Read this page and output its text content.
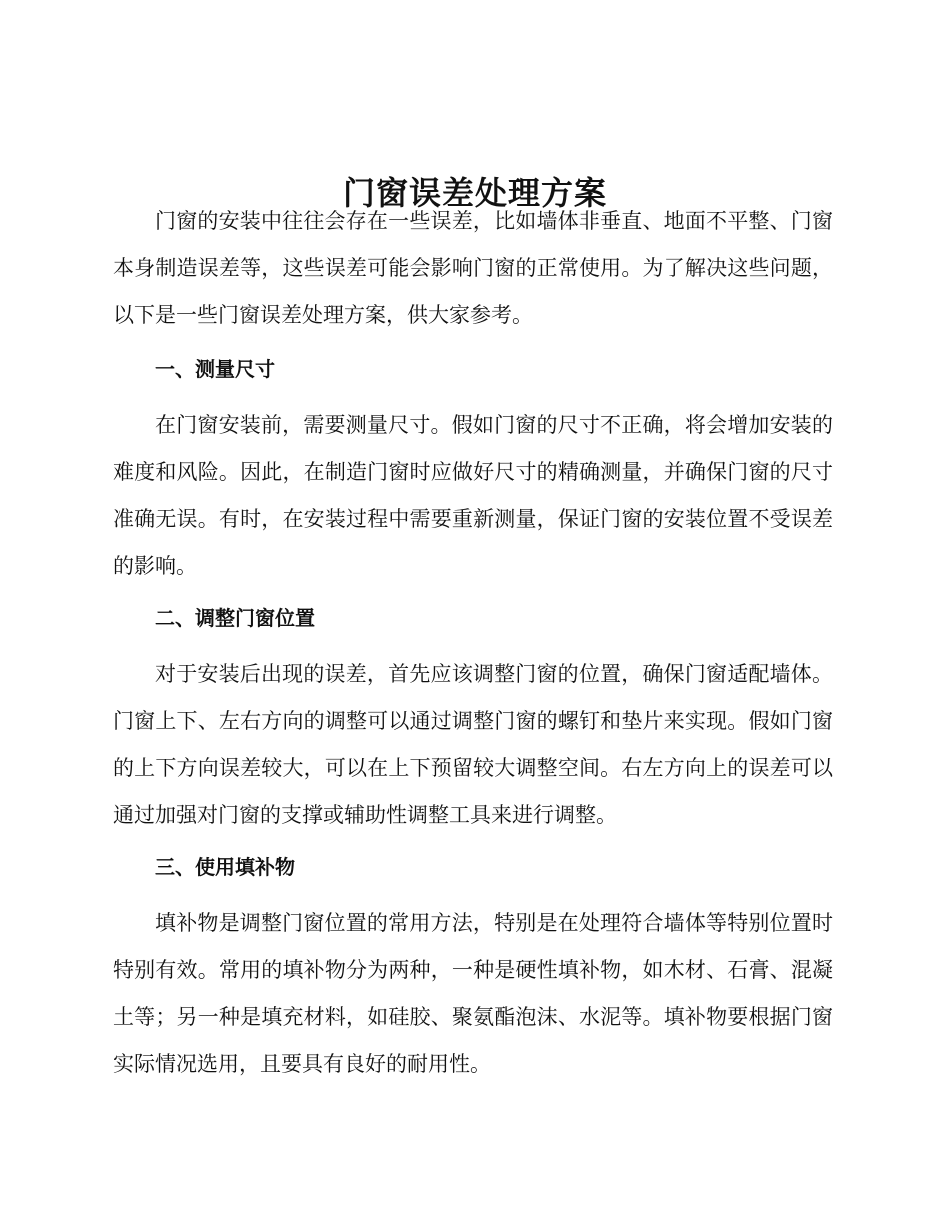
门窗误差处理方案

门窗的安装中往往会存在一些误差，比如墙体非垂直、地面不平整、门窗本身制造误差等，这些误差可能会影响门窗的正常使用。为了解决这些问题，以下是一些门窗误差处理方案，供大家参考。

一、测量尺寸

在门窗安装前，需要测量尺寸。假如门窗的尺寸不正确，将会增加安装的难度和风险。因此，在制造门窗时应做好尺寸的精确测量，并确保门窗的尺寸准确无误。有时，在安装过程中需要重新测量，保证门窗的安装位置不受误差的影响。

二、调整门窗位置

对于安装后出现的误差，首先应该调整门窗的位置，确保门窗适配墙体。门窗上下、左右方向的调整可以通过调整门窗的螺钉和垫片来实现。假如门窗的上下方向误差较大，可以在上下预留较大调整空间。右左方向上的误差可以通过加强对门窗的支撑或辅助性调整工具来进行调整。

三、使用填补物

填补物是调整门窗位置的常用方法，特别是在处理符合墙体等特别位置时特别有效。常用的填补物分为两种，一种是硬性填补物，如木材、石膏、混凝土等；另一种是填充材料，如硅胶、聚氨酯泡沫、水泥等。填补物要根据门窗实际情况选用，且要具有良好的耐用性。
